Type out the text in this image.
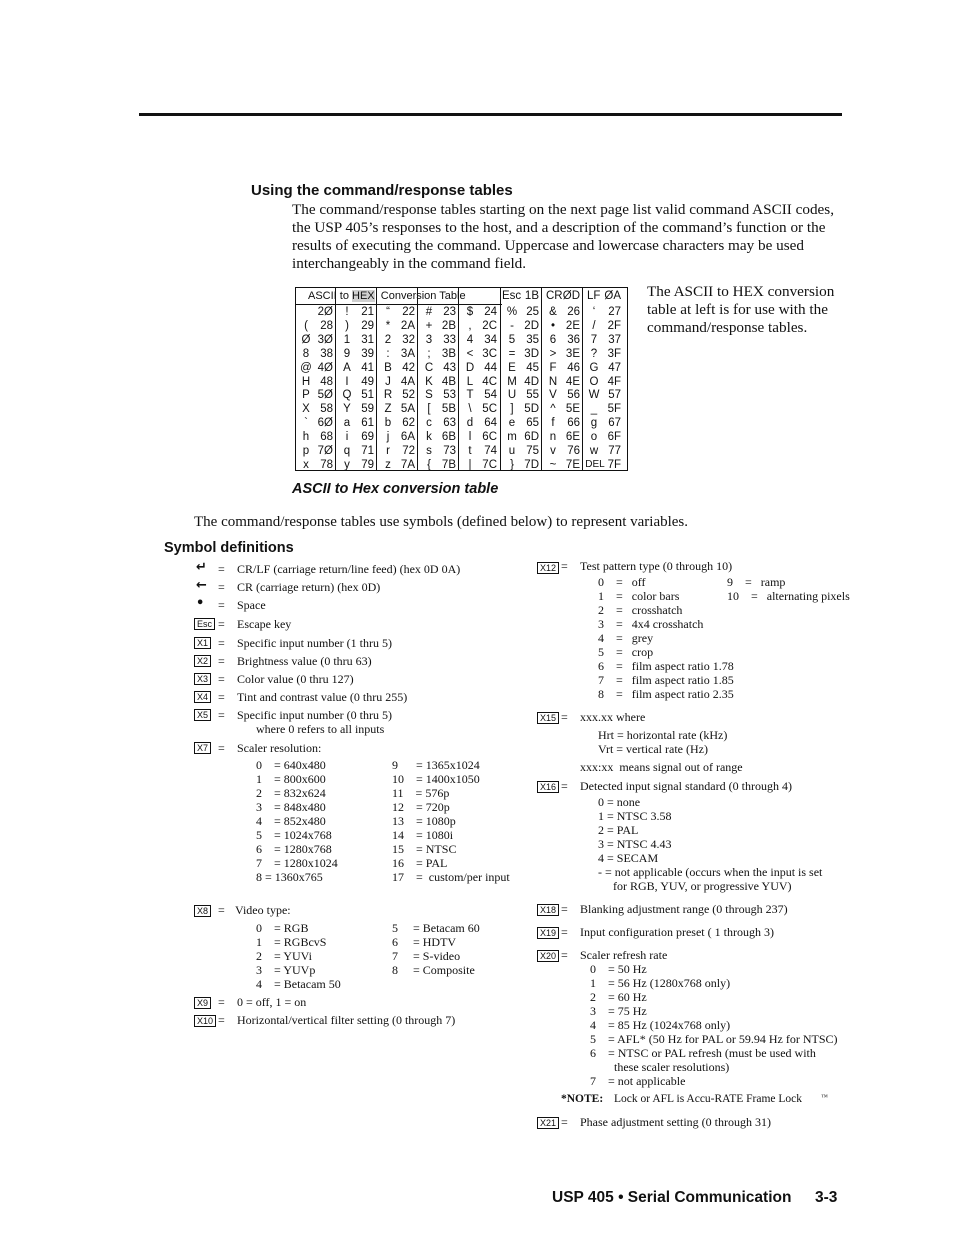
Using the command/response tables
The command/response tables starting on the next page list valid command ASCII codes, the USP 405’s responses to the host, and a description of the command’s function or the results of executing the command. Uppercase and lowercase characters may be used interchangeably in the command field.
ASCII to HEX  Conversion Table	Esc 1B CR ØD LF ØA
2Ø	!	21	“	22 # 23 $ 24 % 25 & 26	‘	27
(	28	)	29	* 2A + 2B	, 2C	- 2D	• 2E	/	2F
Ø 3Ø 1 31 2 32 3 33 4 34	5 35 6 36 7 37
8 38 9 39	: 3A	; 3B < 3C	= 3D > 3E ? 3F
@ 4Ø A 41 B 42 C 43 D 44 E 45 F 46 G 47
H 48	I	49 J 4A K 4B L 4C M 4D N 4E O 4F
P 5Ø Q 51 R 52 S 53 T 54 U 55 V 56 W 57
X 58 Y 59 Z 5A	[ 5B	\ 5C	] 5D ^ 5E _ 5F
` 6Ø a 61 b 62 c 63 d 64	e 65	f	66 g 67
h 68	i	69	j	6A k 6B	l 6C m 6D n 6E o 6F
p 7Ø q 71	r	72 s 73	t	74	u 75 v 76 w 77
x 78 y 79 z 7A	{ 7B	| 7C	} 7D ~ 7E DEL 7F
The ASCII to HEX conversion table at left is for use with the command/response tables.
ASCII to Hex conversion table
The command/response tables use symbols (defined below) to represent variables.
Symbol definitions
↵ = CR/LF (carriage return/line feed) (hex 0D 0A)
← = CR (carriage return) (hex 0D)
• = Space
Esc = Escape key
X1 = Specific input number (1 thru 5)
X2 = Brightness value (0 thru 63)
X3 = Color value (0 thru 127)
X4 = Tint and contrast value (0 thru 255)
X5 = Specific input number (0 thru 5)
where 0 refers to all inputs
X7 = Scaler resolution:
0    = 640x480
1    = 800x600
2    = 832x624
3    = 848x480
4    = 852x480
5    = 1024x768
6    = 1280x768
7    = 1280x1024
8 = 1360x765
9      = 1365x1024
10    = 1400x1050
11    = 576p
12    = 720p
13    = 1080p
14    = 1080i
15    = NTSC
16    = PAL
17    =  custom/per input
X8 = Video type:
0    = RGB
1    = RGBcvS
2    = YUVi
3    = YUVp
4    = Betacam 50
5     = Betacam 60
6     = HDTV
7     = S-video
8     = Composite
X9 = 0 = off, 1 = on
X10 = Horizontal/vertical filter setting (0 through 7)
X12 = Test pattern type (0 through 10)
0    =   off
1    =   color bars
2    =   crosshatch
3    =   4x4 crosshatch
4    =   grey
5    =   crop
6    =   film aspect ratio 1.78
7    =   film aspect ratio 1.85
8    =   film aspect ratio 2.35
9    =   ramp
10    =   alternating pixels
X15 = xxx.xx where
Hrt = horizontal rate (kHz)
Vrt = vertical rate (Hz)
xxx:xx  means signal out of range
X16 = Detected input signal standard (0 through 4)
0 = none
1 = NTSC 3.58
2 = PAL
3 = NTSC 4.43
4 = SECAM
- = not applicable (occurs when the input is set
for RGB, YUV, or progressive YUV)
X18 = Blanking adjustment range (0 through 237)
X19 = Input configuration preset ( 1 through 3)
X20 = Scaler refresh rate
0    = 50 Hz
1    = 56 Hz (1280x768 only)
2    = 60 Hz
3    = 75 Hz
4    = 85 Hz (1024x768 only)
5    = AFL* (50 Hz for PAL or 59.94 Hz for NTSC)
6    = NTSC or PAL refresh (must be used with
these scaler resolutions)
7    = not applicable
*NOTE: Lock or AFL is Accu-RATE Frame Lock	™
X21 = Phase adjustment setting (0 through 31)
USP 405 • Serial Communication 3-3
